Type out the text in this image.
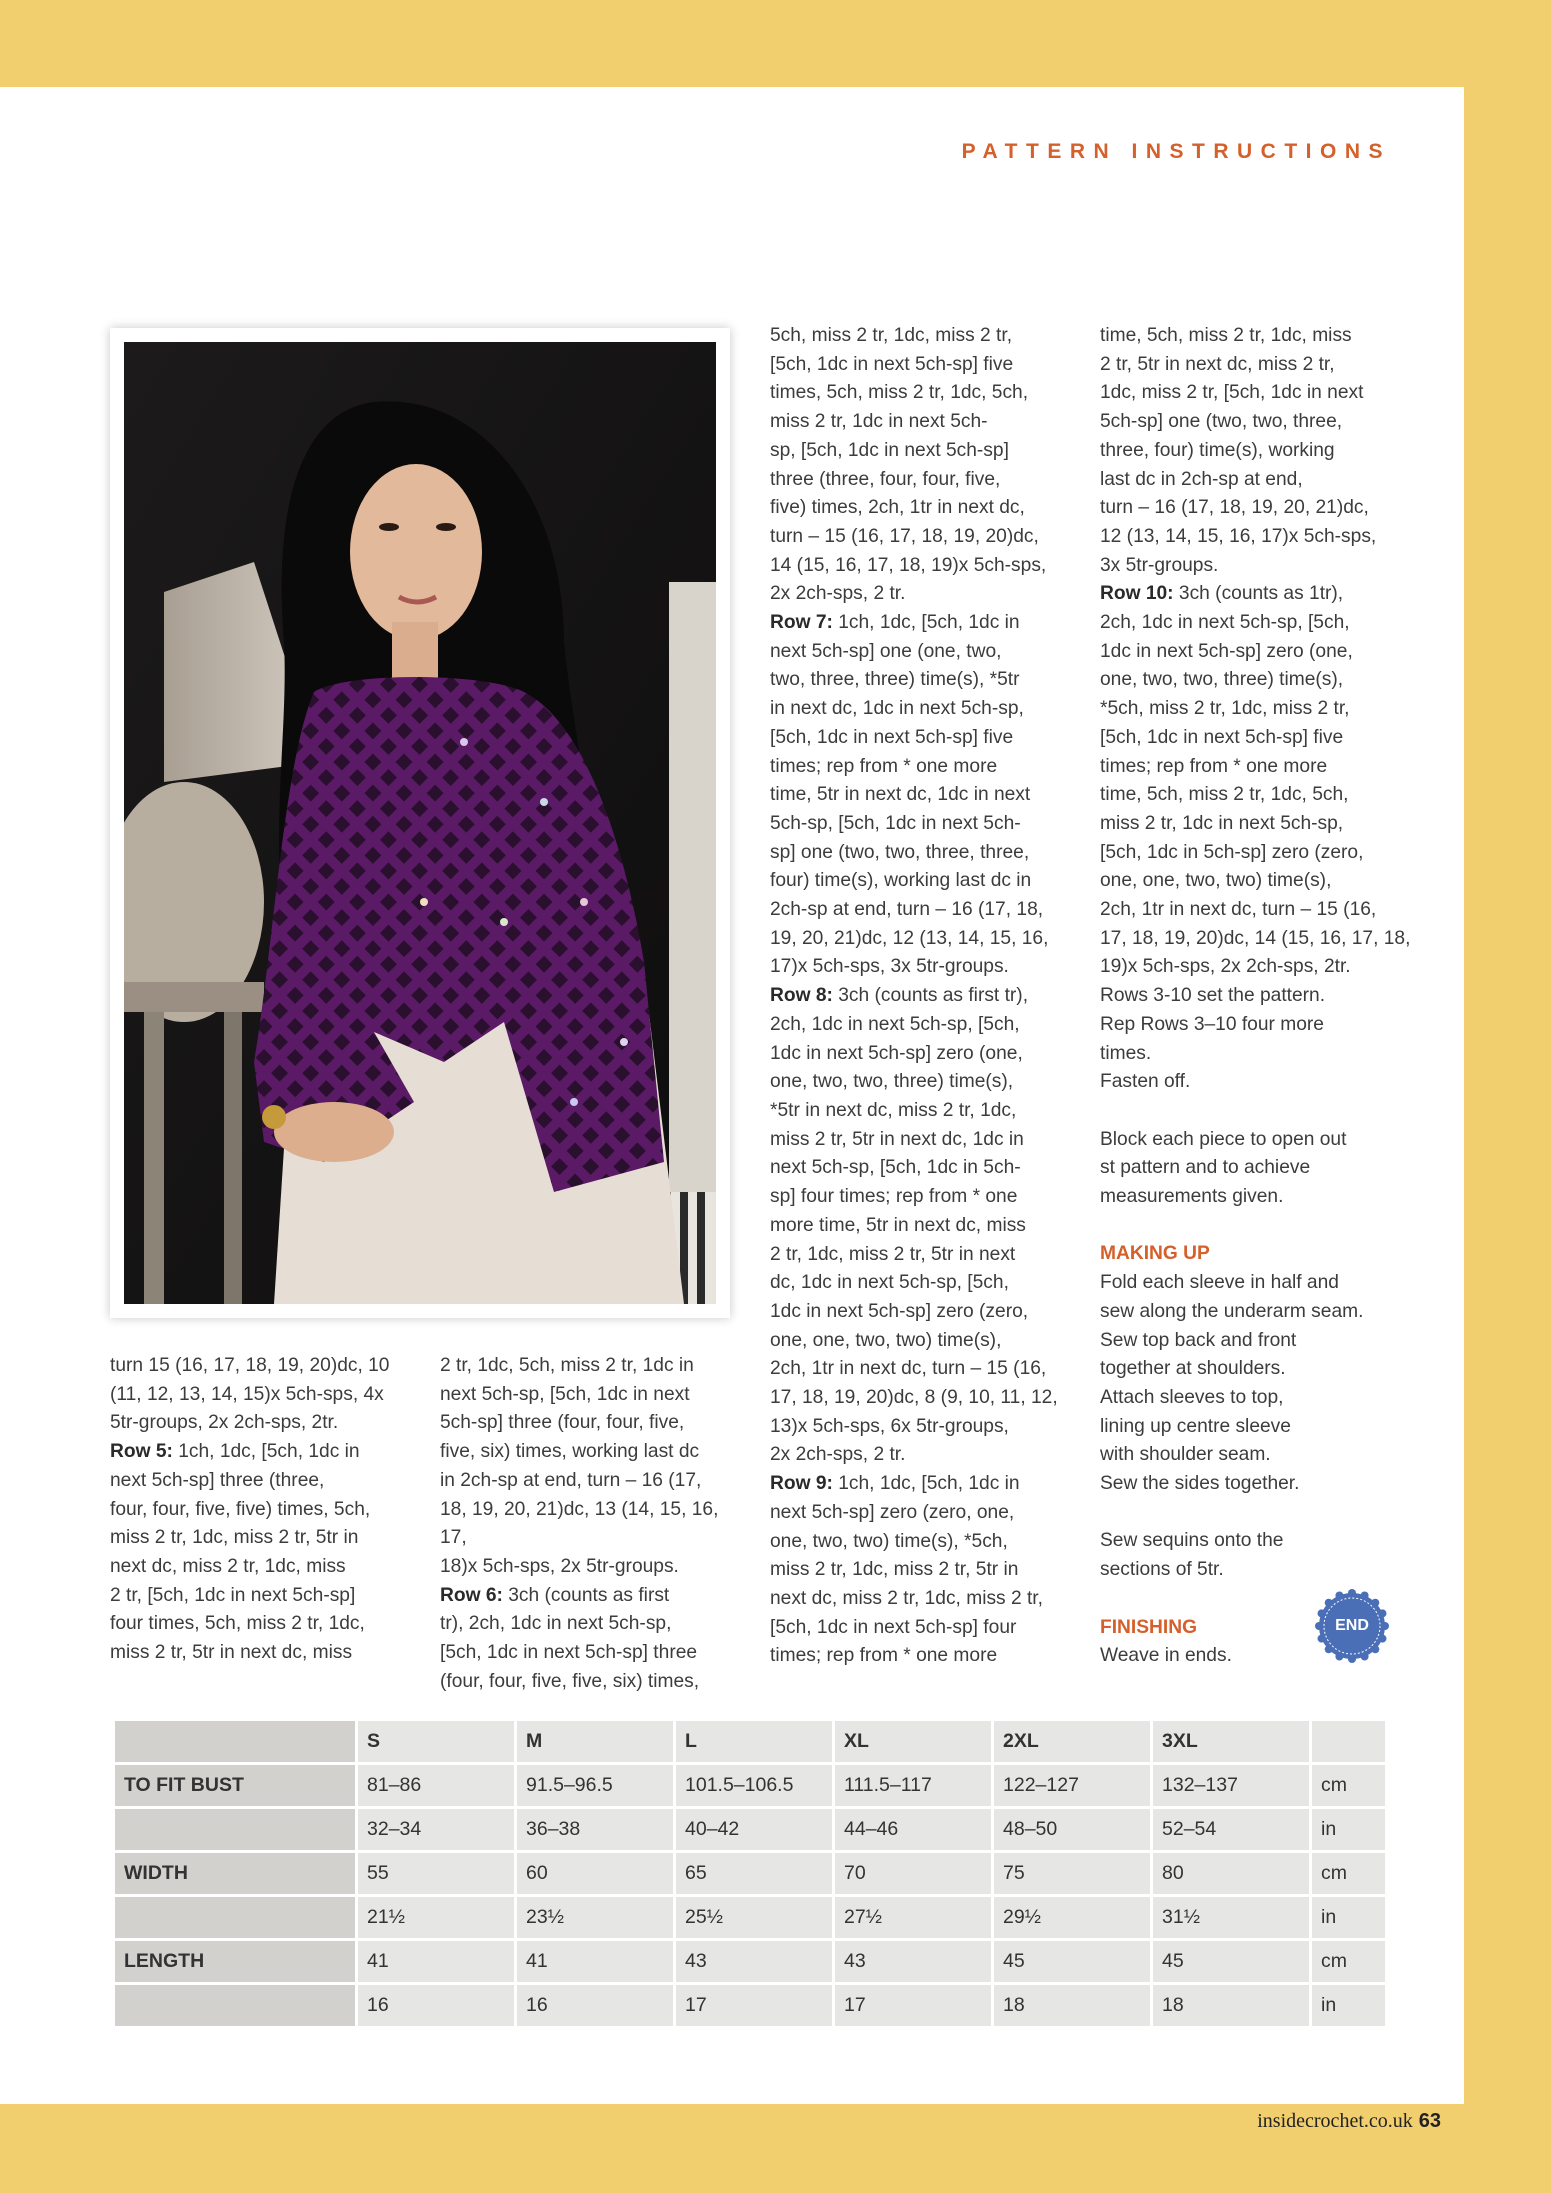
PATTERN INSTRUCTIONS

turn 15 (16, 17, 18, 19, 20)dc, 10

(11, 12, 13, 14, 15)x 5ch-sps, 4x

5tr-groups, 2x 2ch-sps, 2tr.

Row 5: 1ch, 1dc, [5ch, 1dc in

next 5ch-sp] three (three,

four, four, five, five) times, 5ch,

miss 2 tr, 1dc, miss 2 tr, 5tr in

next dc, miss 2 tr, 1dc, miss

2 tr, [5ch, 1dc in next 5ch-sp]

four times, 5ch, miss 2 tr, 1dc,

miss 2 tr, 5tr in next dc, miss

2 tr, 1dc, 5ch, miss 2 tr, 1dc in

next 5ch-sp, [5ch, 1dc in next

5ch-sp] three (four, four, five,

five, six) times, working last dc

in 2ch-sp at end, turn – 16 (17,

18, 19, 20, 21)dc, 13 (14, 15, 16, 17,

18)x 5ch-sps, 2x 5tr-groups.

Row 6: 3ch (counts as first

tr), 2ch, 1dc in next 5ch-sp,

[5ch, 1dc in next 5ch-sp] three

(four, four, five, five, six) times,

5ch, miss 2 tr, 1dc, miss 2 tr,

[5ch, 1dc in next 5ch-sp] five

times, 5ch, miss 2 tr, 1dc, 5ch,

miss 2 tr, 1dc in next 5ch-

sp, [5ch, 1dc in next 5ch-sp]

three (three, four, four, five,

five) times, 2ch, 1tr in next dc,

turn – 15 (16, 17, 18, 19, 20)dc,

14 (15, 16, 17, 18, 19)x 5ch-sps,

2x 2ch-sps, 2 tr.

Row 7: 1ch, 1dc, [5ch, 1dc in

next 5ch-sp] one (one, two,

two, three, three) time(s), *5tr

in next dc, 1dc in next 5ch-sp,

[5ch, 1dc in next 5ch-sp] five

times; rep from * one more

time, 5tr in next dc, 1dc in next

5ch-sp, [5ch, 1dc in next 5ch-

sp] one (two, two, three, three,

four) time(s), working last dc in

2ch-sp at end, turn – 16 (17, 18,

19, 20, 21)dc, 12 (13, 14, 15, 16,

17)x 5ch-sps, 3x 5tr-groups.

Row 8: 3ch (counts as first tr),

2ch, 1dc in next 5ch-sp, [5ch,

1dc in next 5ch-sp] zero (one,

one, two, two, three) time(s),

*5tr in next dc, miss 2 tr, 1dc,

miss 2 tr, 5tr in next dc, 1dc in

next 5ch-sp, [5ch, 1dc in 5ch-

sp] four times; rep from * one

more time, 5tr in next dc, miss

2 tr, 1dc, miss 2 tr, 5tr in next

dc, 1dc in next 5ch-sp, [5ch,

1dc in next 5ch-sp] zero (zero,

one, one, two, two) time(s),

2ch, 1tr in next dc, turn – 15 (16,

17, 18, 19, 20)dc, 8 (9, 10, 11, 12,

13)x 5ch-sps, 6x 5tr-groups,

2x 2ch-sps, 2 tr.

Row 9: 1ch, 1dc, [5ch, 1dc in

next 5ch-sp] zero (zero, one,

one, two, two) time(s), *5ch,

miss 2 tr, 1dc, miss 2 tr, 5tr in

next dc, miss 2 tr, 1dc, miss 2 tr,

[5ch, 1dc in next 5ch-sp] four

times; rep from * one more

time, 5ch, miss 2 tr, 1dc, miss

2 tr, 5tr in next dc, miss 2 tr,

1dc, miss 2 tr, [5ch, 1dc in next

5ch-sp] one (two, two, three,

three, four) time(s), working

last dc in 2ch-sp at end,

turn – 16 (17, 18, 19, 20, 21)dc,

12 (13, 14, 15, 16, 17)x 5ch-sps,

3x 5tr-groups.

Row 10: 3ch (counts as 1tr),

2ch, 1dc in next 5ch-sp, [5ch,

1dc in next 5ch-sp] zero (one,

one, two, two, three) time(s),

*5ch, miss 2 tr, 1dc, miss 2 tr,

[5ch, 1dc in next 5ch-sp] five

times; rep from * one more

time, 5ch, miss 2 tr, 1dc, 5ch,

miss 2 tr, 1dc in next 5ch-sp,

[5ch, 1dc in 5ch-sp] zero (zero,

one, one, two, two) time(s),

2ch, 1tr in next dc, turn – 15 (16,

17, 18, 19, 20)dc, 14 (15, 16, 17, 18,

19)x 5ch-sps, 2x 2ch-sps, 2tr.

Rows 3-10 set the pattern.

Rep Rows 3–10 four more

times.

Fasten off.

Block each piece to open out

st pattern and to achieve

measurements given.

MAKING UP

Fold each sleeve in half and

sew along the underarm seam.

Sew top back and front

together at shoulders.

Attach sleeves to top,

lining up centre sleeve

with shoulder seam.

Sew the sides together.

Sew sequins onto the

sections of 5tr.

FINISHING

Weave in ends.

END
	S	M	L	XL	2XL	3XL	
TO FIT BUST	81–86	91.5–96.5	101.5–106.5	111.5–117	122–127	132–137	cm
	32–34	36–38	40–42	44–46	48–50	52–54	in
WIDTH	55	60	65	70	75	80	cm
	21½	23½	25½	27½	29½	31½	in
LENGTH	41	41	43	43	45	45	cm
	16	16	17	17	18	18	in
insidecrochet.co.uk 63
